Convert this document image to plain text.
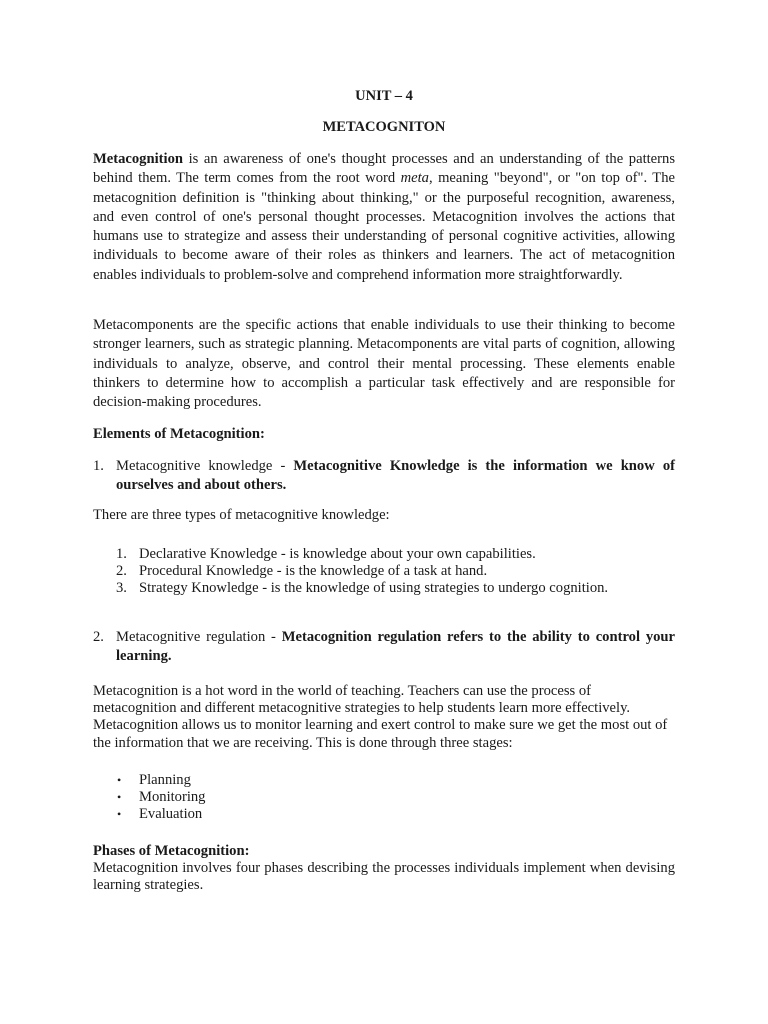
UNIT – 4
METACOGNITON

Metacognition is an awareness of one's thought processes and an understanding of the patterns behind them. The term comes from the root word meta, meaning "beyond", or "on top of". The metacognition definition is "thinking about thinking," or the purposeful recognition, awareness, and even control of one's personal thought processes. Metacognition involves the actions that humans use to strategize and assess their understanding of personal cognitive activities, allowing individuals to become aware of their roles as thinkers and learners. The act of metacognition enables individuals to problem-solve and comprehend information more straightforwardly.

Metacomponents are the specific actions that enable individuals to use their thinking to become stronger learners, such as strategic planning. Metacomponents are vital parts of cognition, allowing individuals to analyze, observe, and control their mental processing. These elements enable thinkers to determine how to accomplish a particular task effectively and are responsible for decision-making procedures.

Elements of Metacognition:
1. Metacognitive knowledge - Metacognitive Knowledge is the information we know of ourselves and about others.
There are three types of metacognitive knowledge:
1. Declarative Knowledge - is knowledge about your own capabilities.
2. Procedural Knowledge - is the knowledge of a task at hand.
3. Strategy Knowledge - is the knowledge of using strategies to undergo cognition.
2. Metacognitive regulation - Metacognition regulation refers to the ability to control your learning.

Metacognition is a hot word in the world of teaching. Teachers can use the process of metacognition and different metacognitive strategies to help students learn more effectively. Metacognition allows us to monitor learning and exert control to make sure we get the most out of the information that we are receiving. This is done through three stages:

• Planning
• Monitoring
• Evaluation
Phases of Metacognition:

Metacognition involves four phases describing the processes individuals implement when devising learning strategies.
